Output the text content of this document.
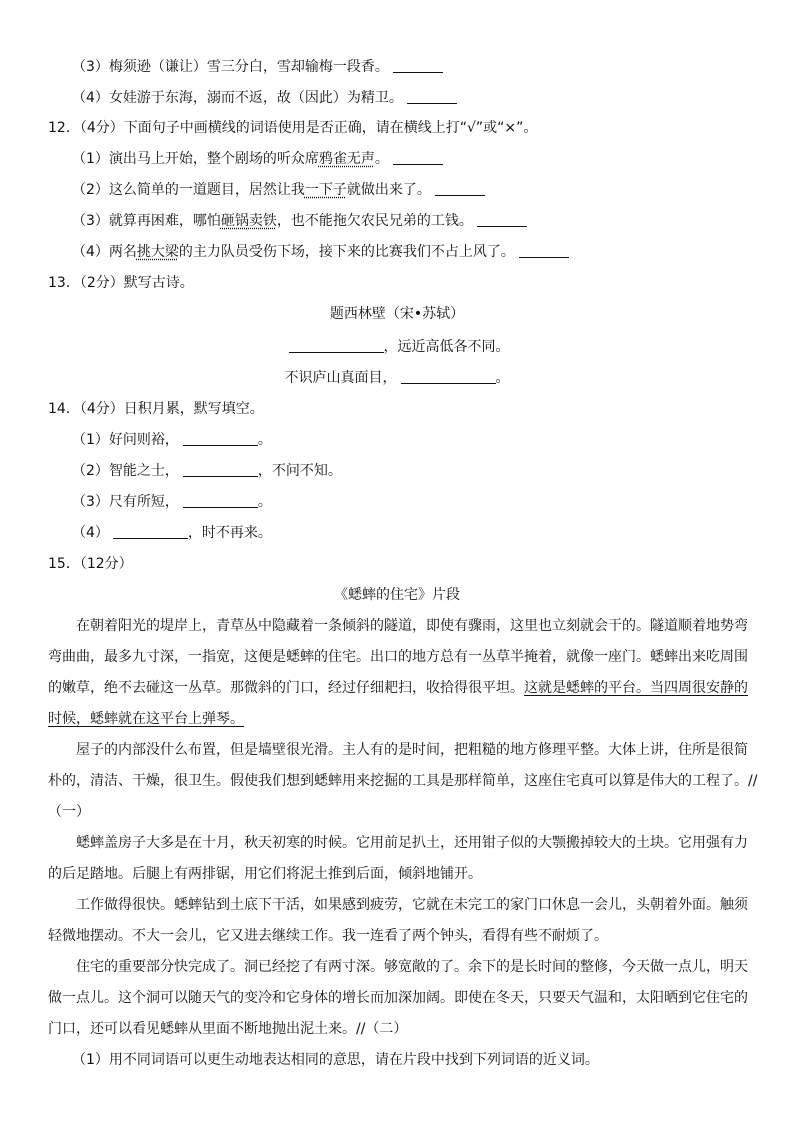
（3）梅须逊（谦让）雪三分白，雪却输梅一段香。
（4）女娃游于东海，溺而不返，故（因此）为精卫。
12．（4分）下面句子中画横线的词语使用是否正确，请在横线上打“√”或“×”。
（1）演出马上开始，整个剧场的听众席鸦雀无声。
（2）这么简单的一道题目，居然让我一下子就做出来了。
（3）就算再困难，哪怕砸锅卖铁，也不能拖欠农民兄弟的工钱。
（4）两名挑大梁的主力队员受伤下场，接下来的比赛我们不占上风了。
13．（2分）默写古诗。
题西林壁（宋•苏轼）
，远近高低各不同。
不识庐山真面目，	。
14．（4分）日积月累，默写填空。
（1）好问则裕，	。
（2）智能之士，	，不问不知。
（3）尺有所短，	。
（4）	，时不再来。
15．（12分）
《蟋蟀的住宅》片段
在朝着阳光的堤岸上，青草丛中隐藏着一条倾斜的隧道，即使有骤雨，这里也立刻就会干的。隧道顺着地势弯
弯曲曲，最多九寸深，一指宽，这便是蟋蟀的住宅。出口的地方总有一丛草半掩着，就像一座门。蟋蟀出来吃周围
的嫩草，绝不去碰这一丛草。那微斜的门口，经过仔细耙扫，收拾得很平坦。这就是蟋蟀的平台。当四周很安静的
时候，蟋蟀就在这平台上弹琴。
屋子的内部没什么布置，但是墙壁很光滑。主人有的是时间，把粗糙的地方修理平整。大体上讲，住所是很简
朴的，清洁、干燥，很卫生。假使我们想到蟋蟀用来挖掘的工具是那样简单，这座住宅真可以算是伟大的工程了。//
（一）
蟋蟀盖房子大多是在十月，秋天初寒的时候。它用前足扒土，还用钳子似的大颚搬掉较大的土块。它用强有力
的后足踏地。后腿上有两排锯，用它们将泥土推到后面，倾斜地铺开。
工作做得很快。蟋蟀钻到土底下干活，如果感到疲劳，它就在未完工的家门口休息一会儿，头朝着外面。触须
轻微地摆动。不大一会儿，它又进去继续工作。我一连看了两个钟头，看得有些不耐烦了。
住宅的重要部分快完成了。洞已经挖了有两寸深。够宽敞的了。余下的是长时间的整修，今天做一点儿，明天
做一点儿。这个洞可以随天气的变冷和它身体的增长而加深加阔。即使在冬天，只要天气温和，太阳晒到它住宅的
门口，还可以看见蟋蟀从里面不断地抛出泥土来。//（二）
（1）用不同词语可以更生动地表达相同的意思，请在片段中找到下列词语的近义词。
